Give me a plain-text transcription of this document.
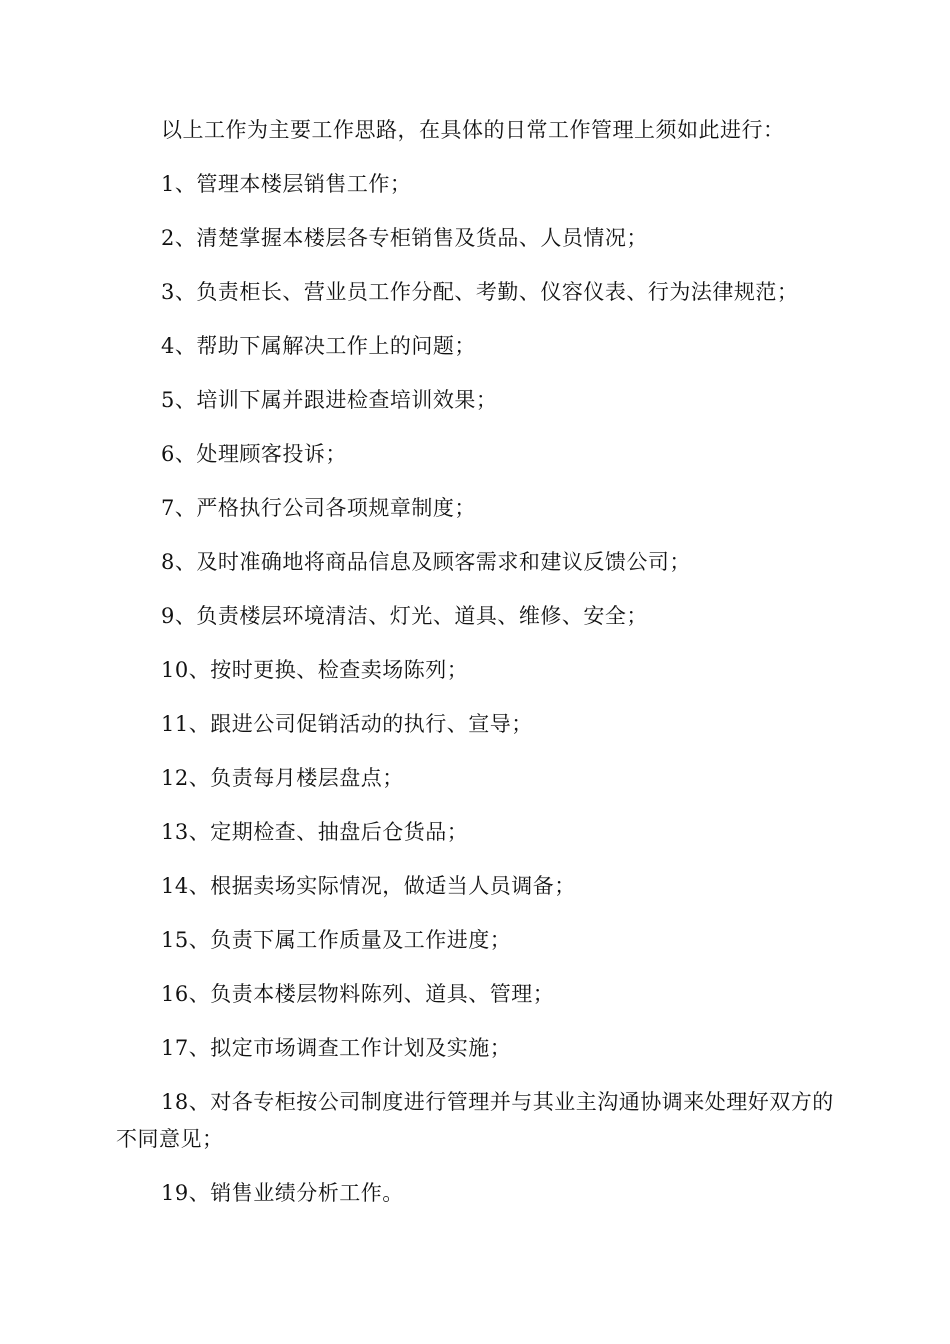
以上工作为主要工作思路，在具体的日常工作管理上须如此进行：

1、管理本楼层销售工作；

2、清楚掌握本楼层各专柜销售及货品、人员情况；

3、负责柜长、营业员工作分配、考勤、仪容仪表、行为法律规范；

4、帮助下属解决工作上的问题；

5、培训下属并跟进检查培训效果；

6、处理顾客投诉；

7、严格执行公司各项规章制度；

8、及时准确地将商品信息及顾客需求和建议反馈公司；

9、负责楼层环境清洁、灯光、道具、维修、安全；

10、按时更换、检查卖场陈列；

11、跟进公司促销活动的执行、宣导；

12、负责每月楼层盘点；

13、定期检查、抽盘后仓货品；

14、根据卖场实际情况，做适当人员调备；

15、负责下属工作质量及工作进度；

16、负责本楼层物料陈列、道具、管理；

17、拟定市场调查工作计划及实施；

18、对各专柜按公司制度进行管理并与其业主沟通协调来处理好双方的不同意见；

19、销售业绩分析工作。
